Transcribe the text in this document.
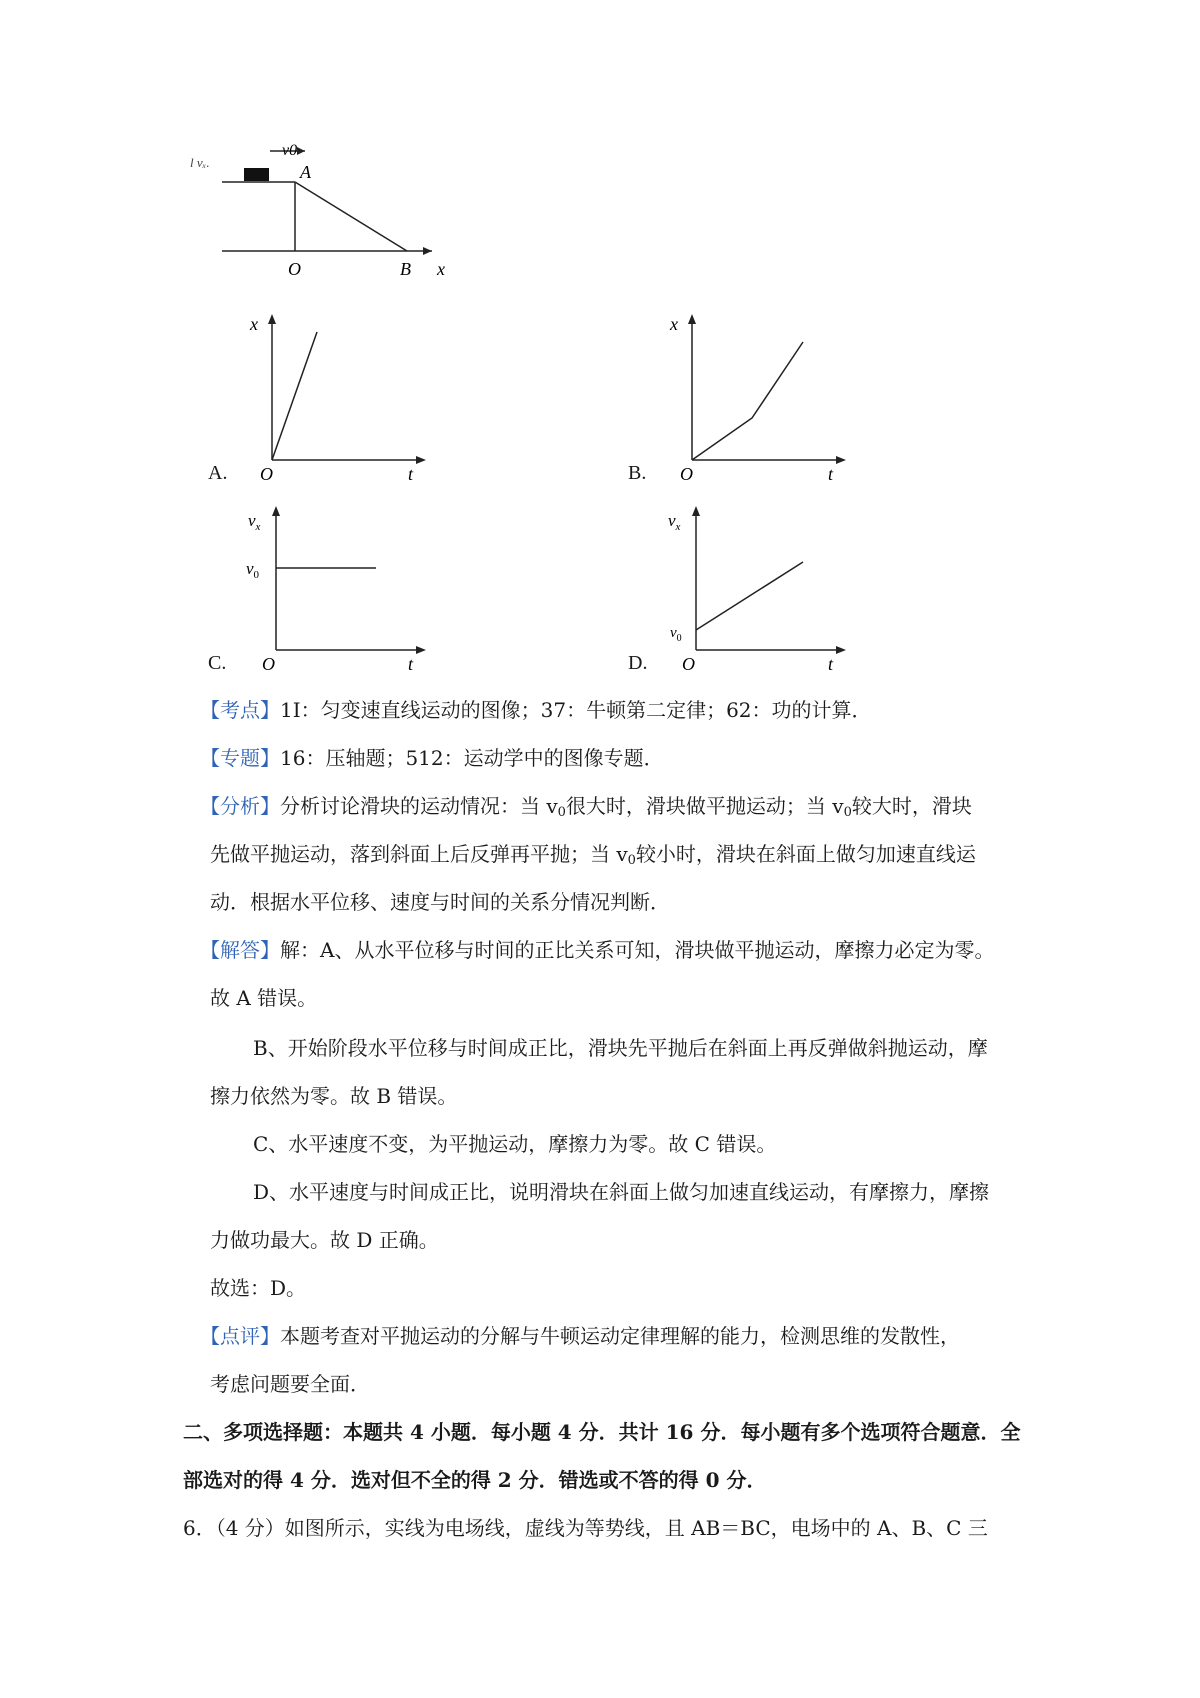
l vₓ.
v0
A
O	B x
A.
x
O	t	B.
x
O	t
C.
$v_x$
$v_0$
O	t	D.
$v_x$
$v_0$
O	t
【考点】1I：匀变速直线运动的图像；37：牛顿第二定律；62：功的计算．
【专题】16：压轴题；512：运动学中的图像专题．
【分析】分析讨论滑块的运动情况：当 $v_0$很大时，滑块做平抛运动；当 $v_0$较大时，滑块
先做平抛运动，落到斜面上后反弹再平抛；当 $v_0$较小时，滑块在斜面上做匀加速直线运
动．根据水平位移、速度与时间的关系分情况判断．
【解答】解：A、从水平位移与时间的正比关系可知，滑块做平抛运动，摩擦力必定为零。
故 A 错误。
B、开始阶段水平位移与时间成正比，滑块先平抛后在斜面上再反弹做斜抛运动，摩
擦力依然为零。故 B 错误。
C、水平速度不变，为平抛运动，摩擦力为零。故 C 错误。
D、水平速度与时间成正比，说明滑块在斜面上做匀加速直线运动，有摩擦力，摩擦
力做功最大。故 D 正确。
故选：D。
【点评】本题考查对平抛运动的分解与牛顿运动定律理解的能力，检测思维的发散性，
考虑问题要全面．
二、多项选择题：本题共 4 小题．每小题 4 分．共计 16 分．每小题有多个选项符合题意．全
部选对的得 4 分．选对但不全的得 2 分．错选或不答的得 0 分．
6．（4 分）如图所示，实线为电场线，虚线为等势线，且 AB＝BC，电场中的 A、B、C 三
